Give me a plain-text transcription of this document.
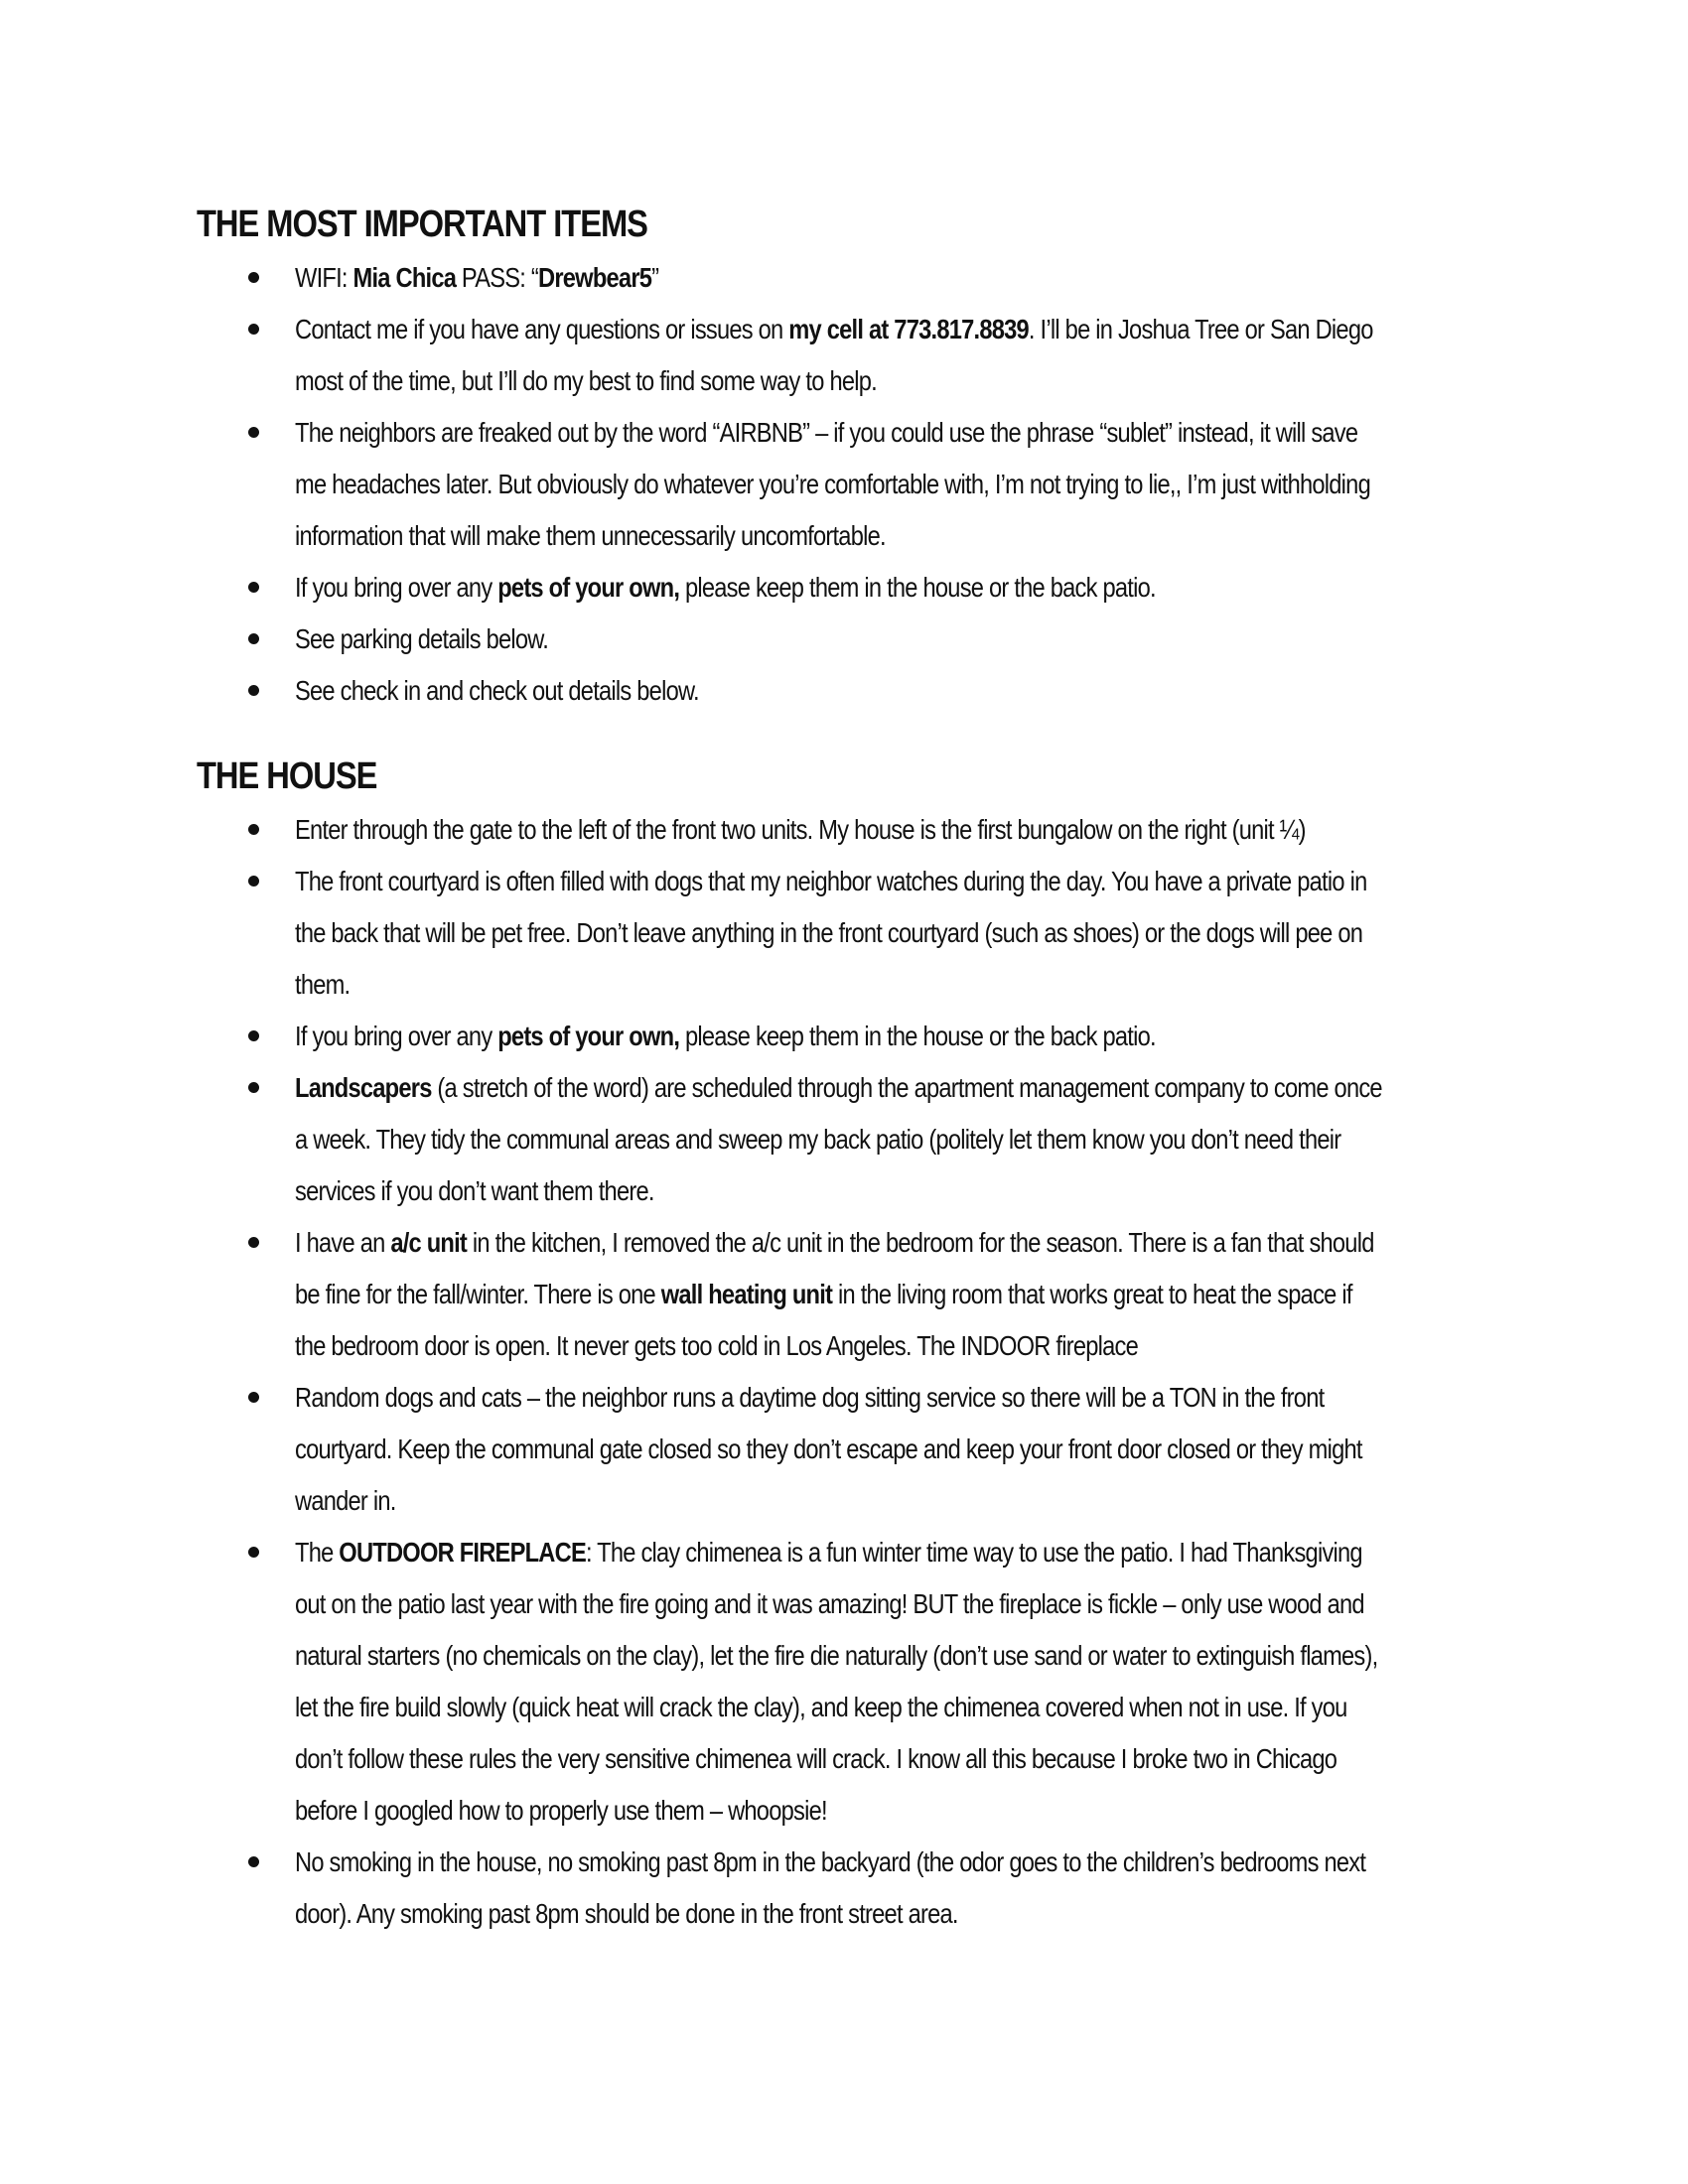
THE MOST IMPORTANT ITEMS
WIFI: Mia Chica PASS: “Drewbear5”
Contact me if you have any questions or issues on my cell at 773.817.8839. I’ll be in Joshua Tree or San Diego most of the time, but I’ll do my best to find some way to help.
The neighbors are freaked out by the word “AIRBNB” – if you could use the phrase “sublet” instead, it will save me headaches later. But obviously do whatever you’re comfortable with, I’m not trying to lie,, I’m just withholding information that will make them unnecessarily uncomfortable.
If you bring over any pets of your own, please keep them in the house or the back patio.
See parking details below.
See check in and check out details below.
THE HOUSE
Enter through the gate to the left of the front two units. My house is the first bungalow on the right (unit ¼)
The front courtyard is often filled with dogs that my neighbor watches during the day. You have a private patio in the back that will be pet free. Don’t leave anything in the front courtyard (such as shoes) or the dogs will pee on them.
If you bring over any pets of your own, please keep them in the house or the back patio.
Landscapers (a stretch of the word) are scheduled through the apartment management company to come once a week. They tidy the communal areas and sweep my back patio (politely let them know you don’t need their services if you don’t want them there.
I have an a/c unit in the kitchen, I removed the a/c unit in the bedroom for the season. There is a fan that should be fine for the fall/winter. There is one wall heating unit in the living room that works great to heat the space if the bedroom door is open. It never gets too cold in Los Angeles. The INDOOR fireplace
Random dogs and cats – the neighbor runs a daytime dog sitting service so there will be a TON in the front courtyard. Keep the communal gate closed so they don’t escape and keep your front door closed or they might wander in.
The OUTDOOR FIREPLACE: The clay chimenea is a fun winter time way to use the patio. I had Thanksgiving out on the patio last year with the fire going and it was amazing! BUT the fireplace is fickle – only use wood and natural starters (no chemicals on the clay), let the fire die naturally (don’t use sand or water to extinguish flames), let the fire build slowly (quick heat will crack the clay), and keep the chimenea covered when not in use. If you don’t follow these rules the very sensitive chimenea will crack. I know all this because I broke two in Chicago before I googled how to properly use them – whoopsie!
No smoking in the house, no smoking past 8pm in the backyard (the odor goes to the children’s bedrooms next door). Any smoking past 8pm should be done in the front street area.
